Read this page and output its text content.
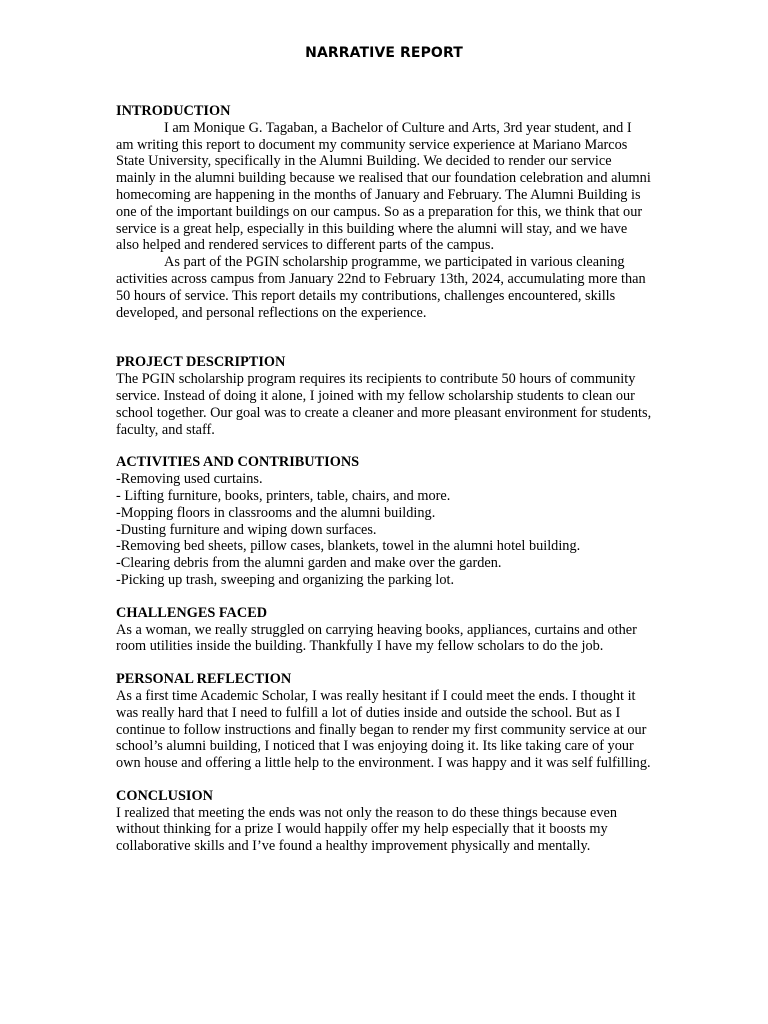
NARRATIVE REPORT

INTRODUCTION

I am Monique G. Tagaban, a Bachelor of Culture and Arts, 3rd year student, and I am writing this report to document my community service experience at Mariano Marcos State University, specifically in the Alumni Building. We decided to render our service mainly in the alumni building because we realised that our foundation celebration and alumni homecoming are happening in the months of January and February. The Alumni Building is one of the important buildings on our campus. So as a preparation for this, we think that our service is a great help, especially in this building where the alumni will stay, and we have also helped and rendered services to different parts of the campus.

As part of the PGIN scholarship programme, we participated in various cleaning activities across campus from January 22nd to February 13th, 2024, accumulating more than 50 hours of service. This report details my contributions, challenges encountered, skills developed, and personal reflections on the experience.

PROJECT DESCRIPTION

The PGIN scholarship program requires its recipients to contribute 50 hours of community service. Instead of doing it alone, I joined with my fellow scholarship students to clean our school together. Our goal was to create a cleaner and more pleasant environment for students, faculty, and staff.

ACTIVITIES AND CONTRIBUTIONS

-Removing used curtains.
- Lifting furniture, books, printers, table, chairs, and more.
-Mopping floors in classrooms and the alumni building.
-Dusting furniture and wiping down surfaces.
-Removing bed sheets, pillow cases, blankets, towel in the alumni hotel building.
-Clearing debris from the alumni garden and make over the garden.
-Picking up trash, sweeping and organizing the parking lot.

CHALLENGES FACED

As a woman, we really struggled on carrying heaving books, appliances, curtains and other room utilities inside the building. Thankfully I have my fellow scholars to do the job.

PERSONAL REFLECTION

As a first time Academic Scholar, I was really hesitant if I could meet the ends. I thought it was really hard that I need to fulfill a lot of duties inside and outside the school. But as I continue to follow instructions and finally began to render my first community service at our school’s alumni building, I noticed that I was enjoying doing it. Its like taking care of your own house and offering a little help to the environment. I was happy and it was self fulfilling.

CONCLUSION

I realized that meeting the ends was not only the reason to do these things because even without thinking for a prize I would happily offer my help especially that it boosts my collaborative skills and I’ve found a healthy improvement physically and mentally.
